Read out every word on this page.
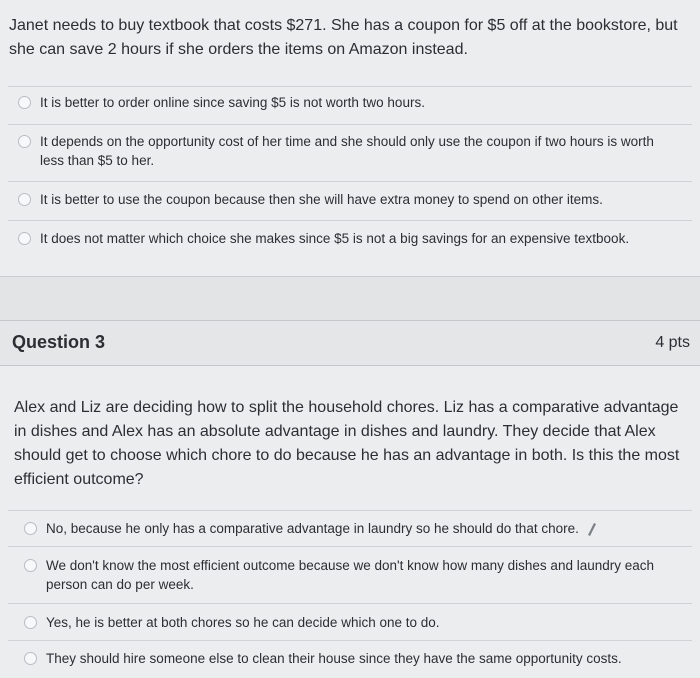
Janet needs to buy textbook that costs $271. She has a coupon for $5 off at the bookstore, but she can save 2 hours if she orders the items on Amazon instead.
It is better to order online since saving $5 is not worth two hours.
It depends on the opportunity cost of her time and she should only use the coupon if two hours is worth less than $5 to her.
It is better to use the coupon because then she will have extra money to spend on other items.
It does not matter which choice she makes since $5 is not a big savings for an expensive textbook.
Question 3	4 pts
Alex and Liz are deciding how to split the household chores. Liz has a comparative advantage in dishes and Alex has an absolute advantage in dishes and laundry. They decide that Alex should get to choose which chore to do because he has an advantage in both. Is this the most efficient outcome?
No, because he only has a comparative advantage in laundry so he should do that chore.
We don't know the most efficient outcome because we don't know how many dishes and laundry each person can do per week.
Yes, he is better at both chores so he can decide which one to do.
They should hire someone else to clean their house since they have the same opportunity costs.
